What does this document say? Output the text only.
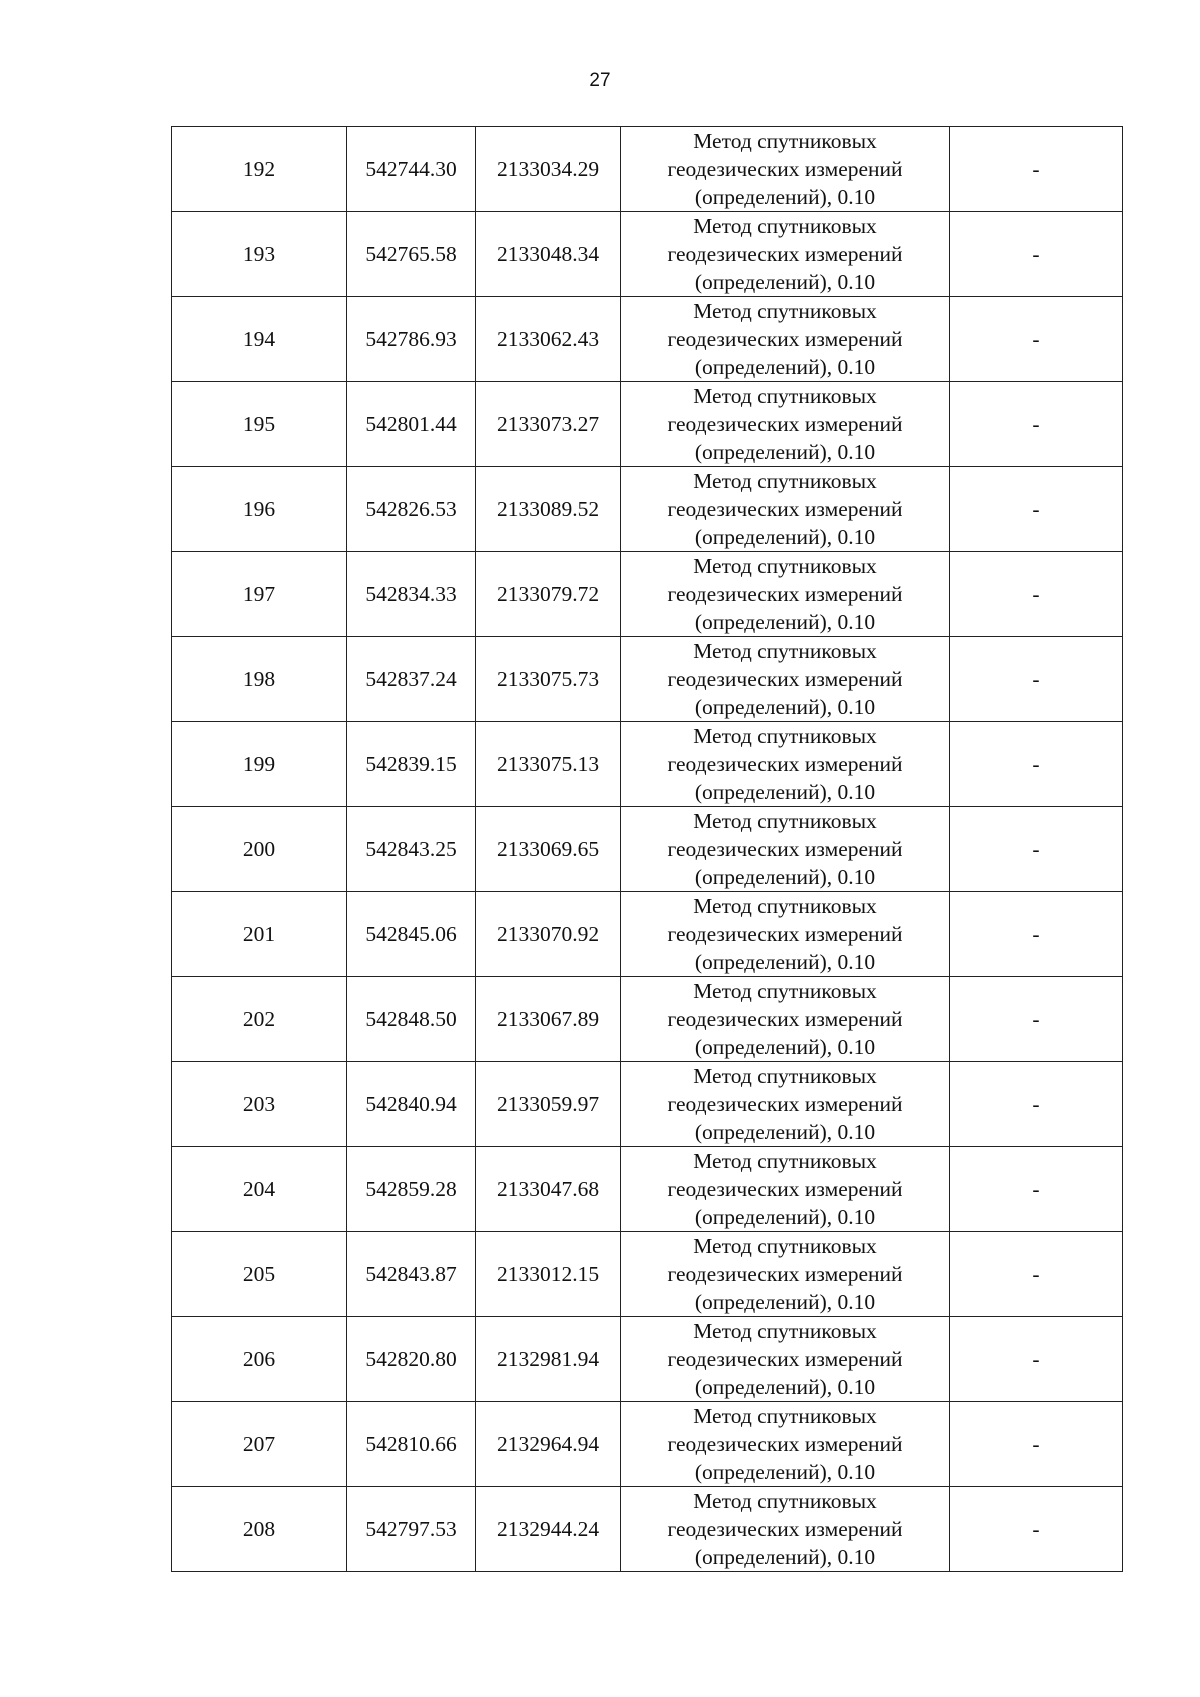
27
192	542744.30	2133034.29	Метод спутниковых
геодезических измерений
(определений), 0.10	-
193	542765.58	2133048.34	Метод спутниковых
геодезических измерений
(определений), 0.10	-
194	542786.93	2133062.43	Метод спутниковых
геодезических измерений
(определений), 0.10	-
195	542801.44	2133073.27	Метод спутниковых
геодезических измерений
(определений), 0.10	-
196	542826.53	2133089.52	Метод спутниковых
геодезических измерений
(определений), 0.10	-
197	542834.33	2133079.72	Метод спутниковых
геодезических измерений
(определений), 0.10	-
198	542837.24	2133075.73	Метод спутниковых
геодезических измерений
(определений), 0.10	-
199	542839.15	2133075.13	Метод спутниковых
геодезических измерений
(определений), 0.10	-
200	542843.25	2133069.65	Метод спутниковых
геодезических измерений
(определений), 0.10	-
201	542845.06	2133070.92	Метод спутниковых
геодезических измерений
(определений), 0.10	-
202	542848.50	2133067.89	Метод спутниковых
геодезических измерений
(определений), 0.10	-
203	542840.94	2133059.97	Метод спутниковых
геодезических измерений
(определений), 0.10	-
204	542859.28	2133047.68	Метод спутниковых
геодезических измерений
(определений), 0.10	-
205	542843.87	2133012.15	Метод спутниковых
геодезических измерений
(определений), 0.10	-
206	542820.80	2132981.94	Метод спутниковых
геодезических измерений
(определений), 0.10	-
207	542810.66	2132964.94	Метод спутниковых
геодезических измерений
(определений), 0.10	-
208	542797.53	2132944.24	Метод спутниковых
геодезических измерений
(определений), 0.10	-
